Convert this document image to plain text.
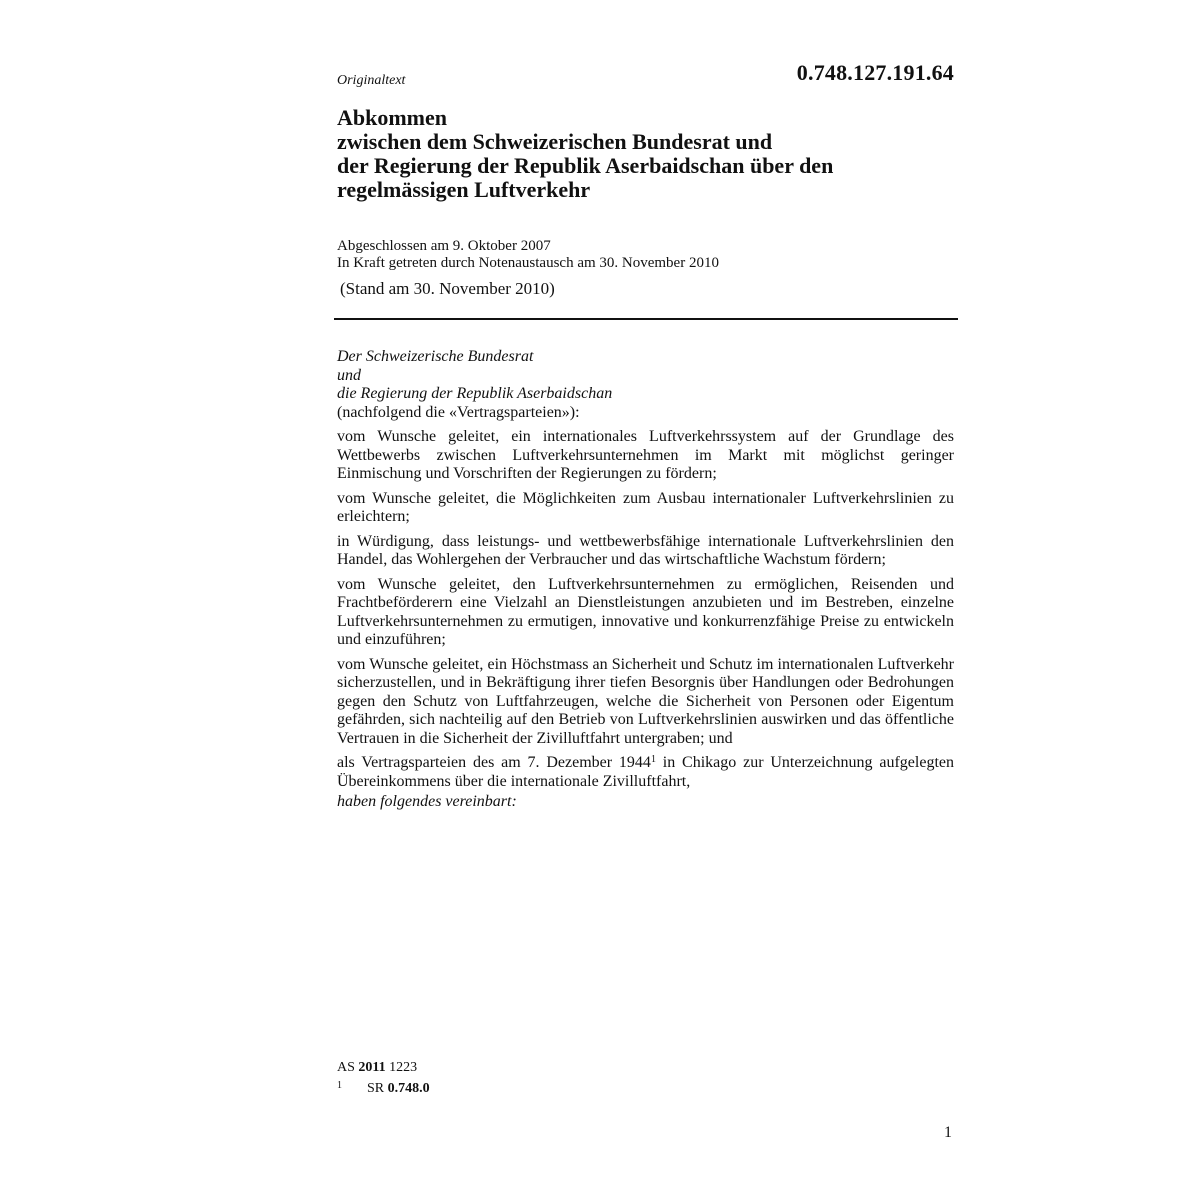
Originaltext	0.748.127.191.64
Abkommen
zwischen dem Schweizerischen Bundesrat und
der Regierung der Republik Aserbaidschan über den
regelmässigen Luftverkehr
Abgeschlossen am 9. Oktober 2007
In Kraft getreten durch Notenaustausch am 30. November 2010
(Stand am 30. November 2010)
Der Schweizerische Bundesrat
und
die Regierung der Republik Aserbaidschan
(nachfolgend die «Vertragsparteien»):

vom Wunsche geleitet, ein internationales Luftverkehrssystem auf der Grundlage des Wettbewerbs zwischen Luftverkehrsunternehmen im Markt mit möglichst geringer Einmischung und Vorschriften der Regierungen zu fördern;

vom Wunsche geleitet, die Möglichkeiten zum Ausbau internationaler Luftverkehrslinien zu erleichtern;

in Würdigung, dass leistungs- und wettbewerbsfähige internationale Luftverkehrslinien den Handel, das Wohlergehen der Verbraucher und das wirtschaftliche Wachstum fördern;

vom Wunsche geleitet, den Luftverkehrsunternehmen zu ermöglichen, Reisenden und Frachtbeförderern eine Vielzahl an Dienstleistungen anzubieten und im Bestreben, einzelne Luftverkehrsunternehmen zu ermutigen, innovative und konkurrenzfähige Preise zu entwickeln und einzuführen;

vom Wunsche geleitet, ein Höchstmass an Sicherheit und Schutz im internationalen Luftverkehr sicherzustellen, und in Bekräftigung ihrer tiefen Besorgnis über Handlungen oder Bedrohungen gegen den Schutz von Luftfahrzeugen, welche die Sicherheit von Personen oder Eigentum gefährden, sich nachteilig auf den Betrieb von Luftverkehrslinien auswirken und das öffentliche Vertrauen in die Sicherheit der Zivilluftfahrt untergraben; und

als Vertragsparteien des am 7. Dezember 1944$^1$ in Chikago zur Unterzeichnung aufgelegten Übereinkommens über die internationale Zivilluftfahrt,

haben folgendes vereinbart:
AS 2011 1223
1 SR 0.748.0
1
